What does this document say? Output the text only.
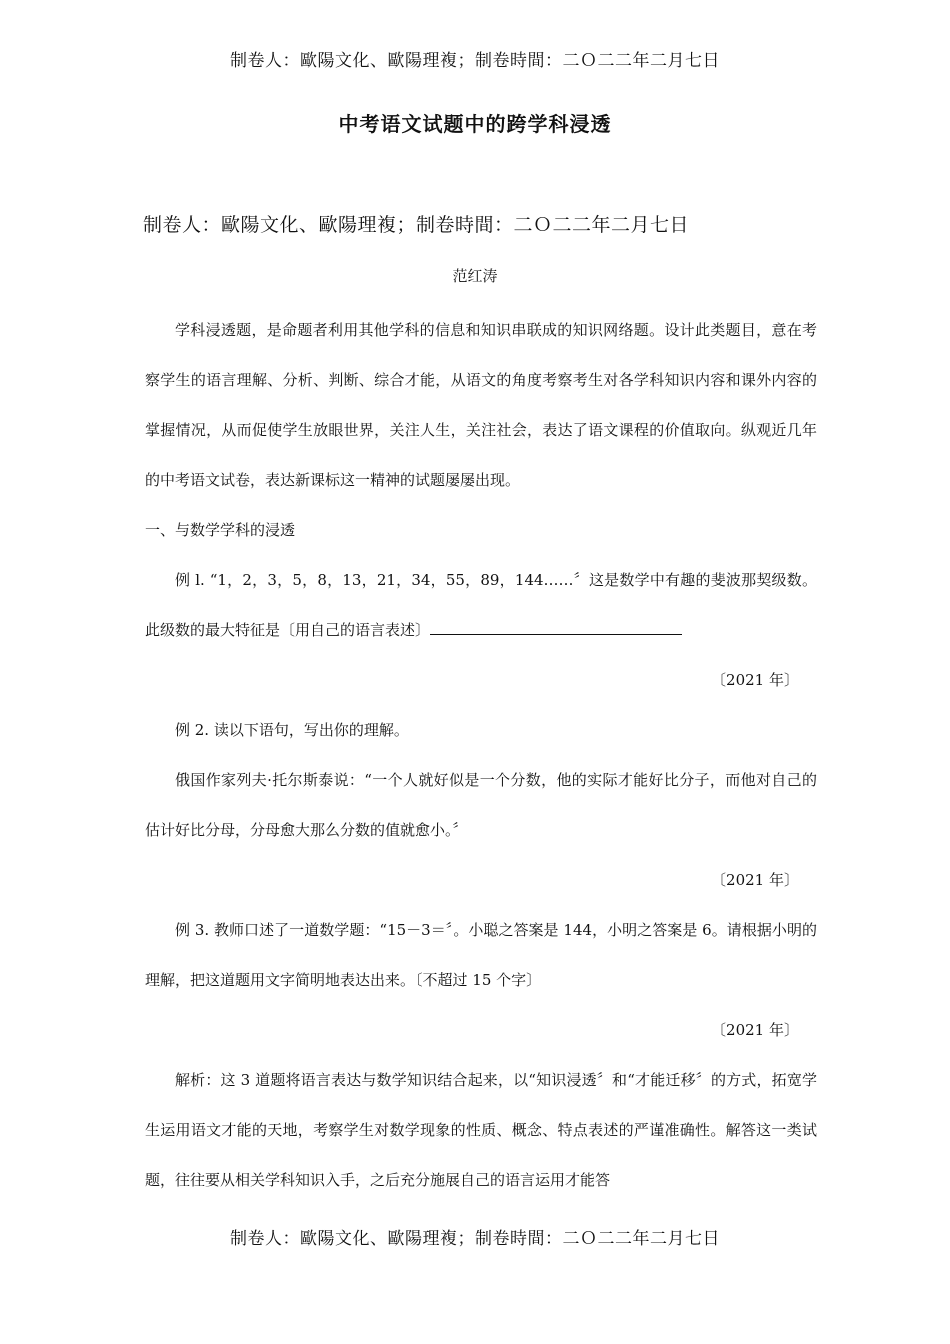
制卷人：歐陽文化、歐陽理複；制卷時間：二Ｏ二二年二月七日
中考语文试题中的跨学科浸透
制卷人：歐陽文化、歐陽理複；制卷時間：二Ｏ二二年二月七日
范红涛

学科浸透题，是命题者利用其他学科的信息和知识串联成的知识网络题。设计此类题目，意在考察学生的语言理解、分析、判断、综合才能，从语文的角度考察考生对各学科知识内容和课外内容的掌握情况，从而促使学生放眼世界，关注人生，关注社会，表达了语文课程的价值取向。纵观近几年的中考语文试卷，表达新课标这一精神的试题屡屡出现。

一、与数学学科的浸透

例 l. “1，2，3，5，8，13，21，34，55，89，144……〞这是数学中有趣的斐波那契级数。此级数的最大特征是〔用自己的语言表述〕

〔2021 年〕

例 2. 读以下语句，写出你的理解。

俄国作家列夫·托尔斯泰说：“一个人就好似是一个分数，他的实际才能好比分子，而他对自己的估计好比分母，分母愈大那么分数的值就愈小。〞

〔2021 年〕

例 3. 教师口述了一道数学题：“15－3＝〞。小聪之答案是 144，小明之答案是 6。请根据小明的理解，把这道题用文字简明地表达出来。〔不超过 15 个字〕

〔2021 年〕

解析：这 3 道题将语言表达与数学知识结合起来，以“知识浸透〞和“才能迁移〞的方式，拓宽学生运用语文才能的天地，考察学生对数学现象的性质、概念、特点表述的严谨准确性。解答这一类试题，往往要从相关学科知识入手，之后充分施展自己的语言运用才能答

制卷人：歐陽文化、歐陽理複；制卷時間：二Ｏ二二年二月七日
